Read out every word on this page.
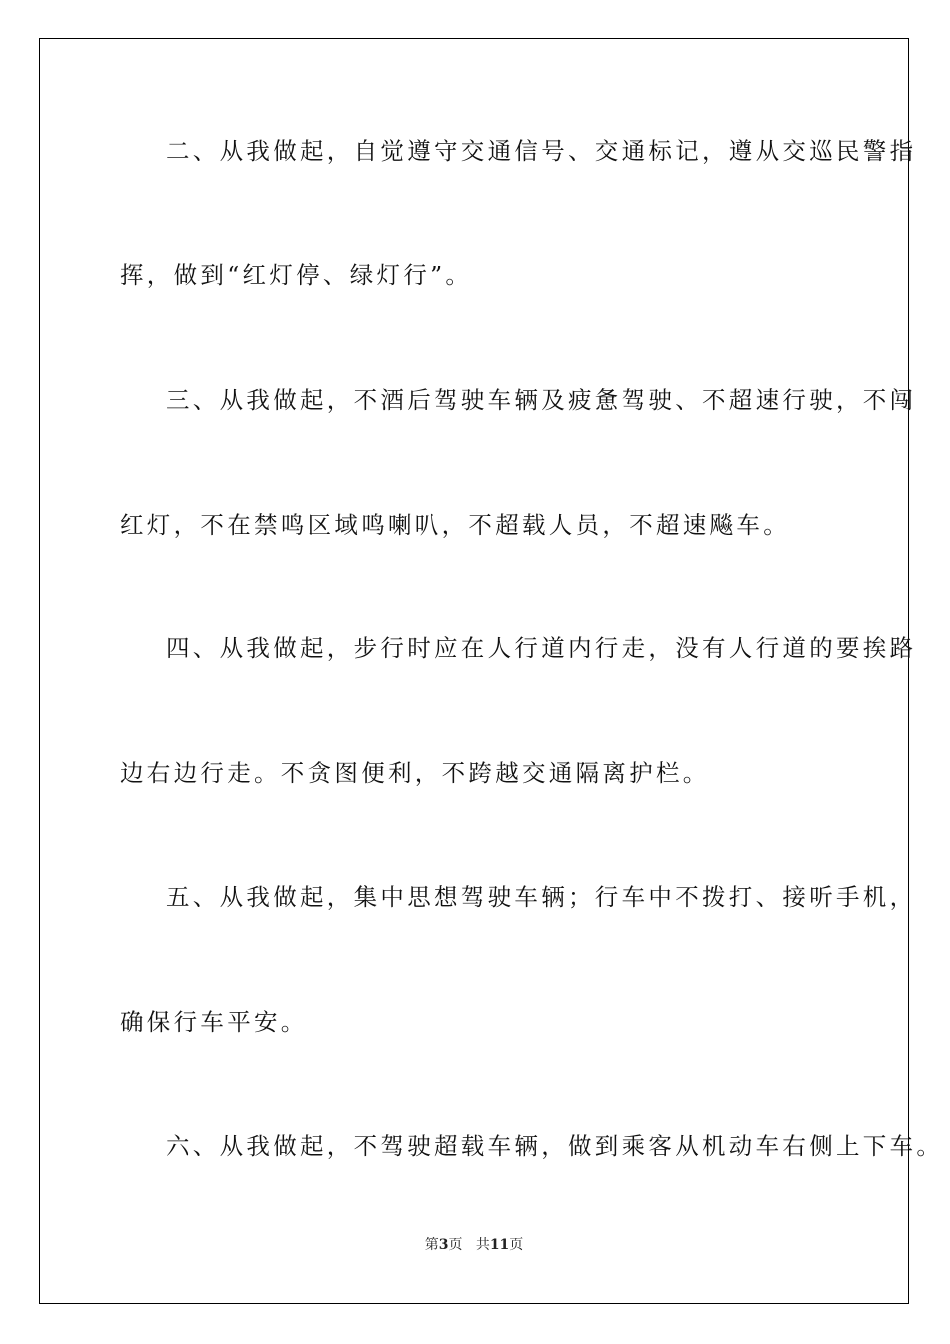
二、从我做起，自觉遵守交通信号、交通标记，遵从交巡民警指
挥，做到“红灯停、绿灯行”。
三、从我做起，不酒后驾驶车辆及疲惫驾驶、不超速行驶，不闯
红灯，不在禁鸣区域鸣喇叭，不超载人员，不超速飚车。
四、从我做起，步行时应在人行道内行走，没有人行道的要挨路
边右边行走。不贪图便利，不跨越交通隔离护栏。
五、从我做起，集中思想驾驶车辆；行车中不拨打、接听手机，
确保行车平安。
六、从我做起，不驾驶超载车辆，做到乘客从机动车右侧上下车。
第3页 共11页
